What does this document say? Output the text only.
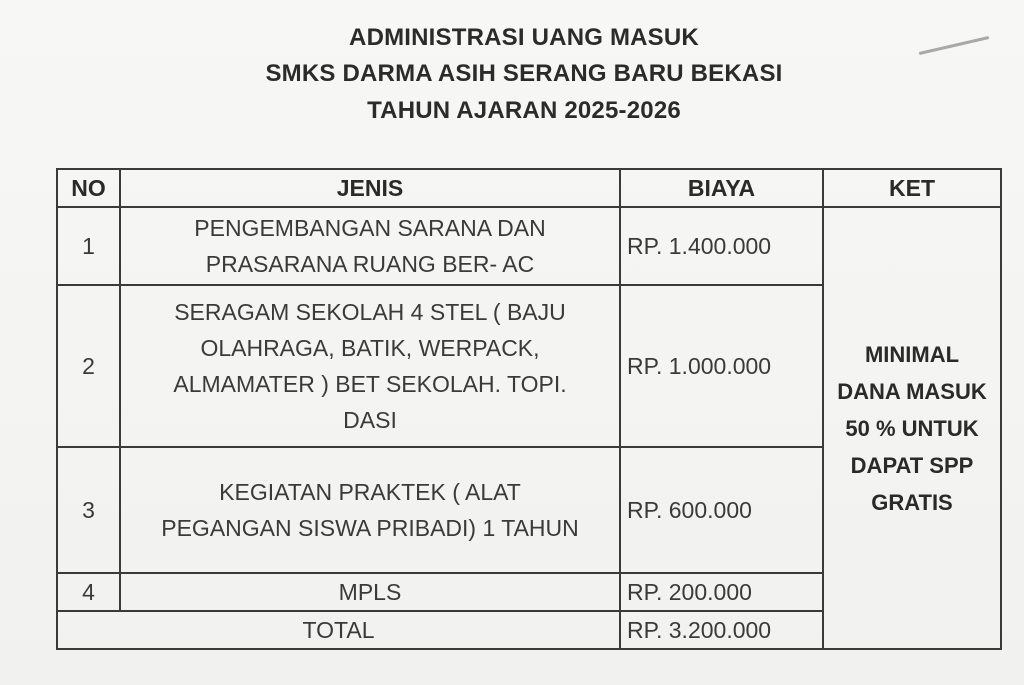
ADMINISTRASI UANG MASUK
SMKS DARMA ASIH SERANG BARU BEKASI
TAHUN AJARAN 2025-2026
NO	JENIS	BIAYA	KET
1	PENGEMBANGAN SARANA DAN
PRASARANA RUANG BER- AC	RP. 1.400.000	MINIMAL
DANA MASUK
50 % UNTUK
DAPAT SPP
GRATIS

2	SERAGAM SEKOLAH 4 STEL ( BAJU
OLAHRAGA, BATIK, WERPACK,
ALMAMATER ) BET SEKOLAH. TOPI.
DASI	RP. 1.000.000	
3	KEGIATAN PRAKTEK ( ALAT
PEGANGAN SISWA PRIBADI) 1 TAHUN	RP. 600.000	
4	MPLS	RP. 200.000	
TOTAL		RP. 3.200.000	
